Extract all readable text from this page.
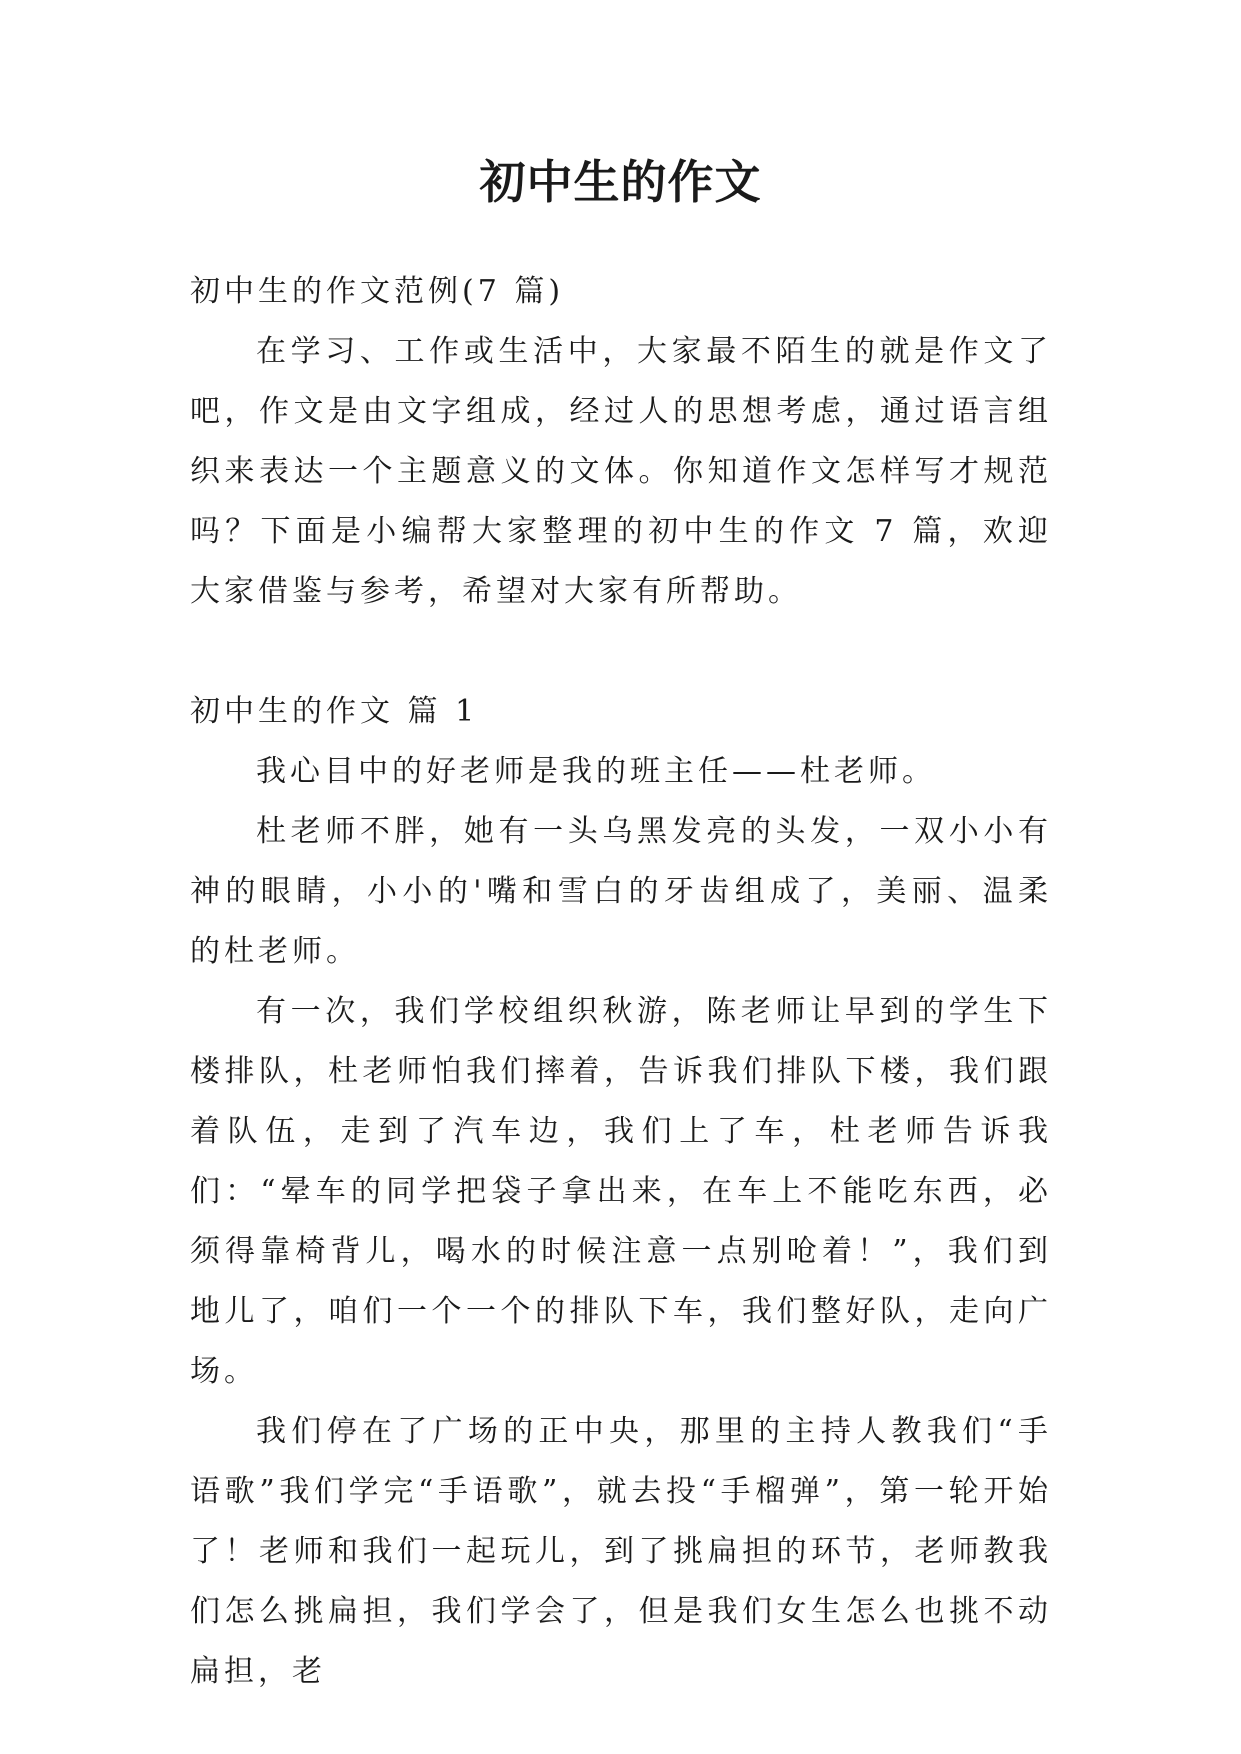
初中生的作文

初中生的作文范例(7 篇)

在学习、工作或生活中，大家最不陌生的就是作文了吧，作文是由文字组成，经过人的思想考虑，通过语言组织来表达一个主题意义的文体。你知道作文怎样写才规范吗？下面是小编帮大家整理的初中生的作文 7 篇，欢迎大家借鉴与参考，希望对大家有所帮助。

初中生的作文 篇 1

我心目中的好老师是我的班主任——杜老师。

杜老师不胖，她有一头乌黑发亮的头发，一双小小有神的眼睛，小小的'嘴和雪白的牙齿组成了，美丽、温柔的杜老师。

有一次，我们学校组织秋游，陈老师让早到的学生下楼排队，杜老师怕我们摔着，告诉我们排队下楼，我们跟着队伍，走到了汽车边，我们上了车，杜老师告诉我们：“晕车的同学把袋子拿出来，在车上不能吃东西，必须得靠椅背儿，喝水的时候注意一点别呛着！”，我们到地儿了，咱们一个一个的排队下车，我们整好队，走向广场。

我们停在了广场的正中央，那里的主持人教我们“手语歌”我们学完“手语歌”，就去投“手榴弹”，第一轮开始了！老师和我们一起玩儿，到了挑扁担的环节，老师教我们怎么挑扁担，我们学会了，但是我们女生怎么也挑不动扁担，老
